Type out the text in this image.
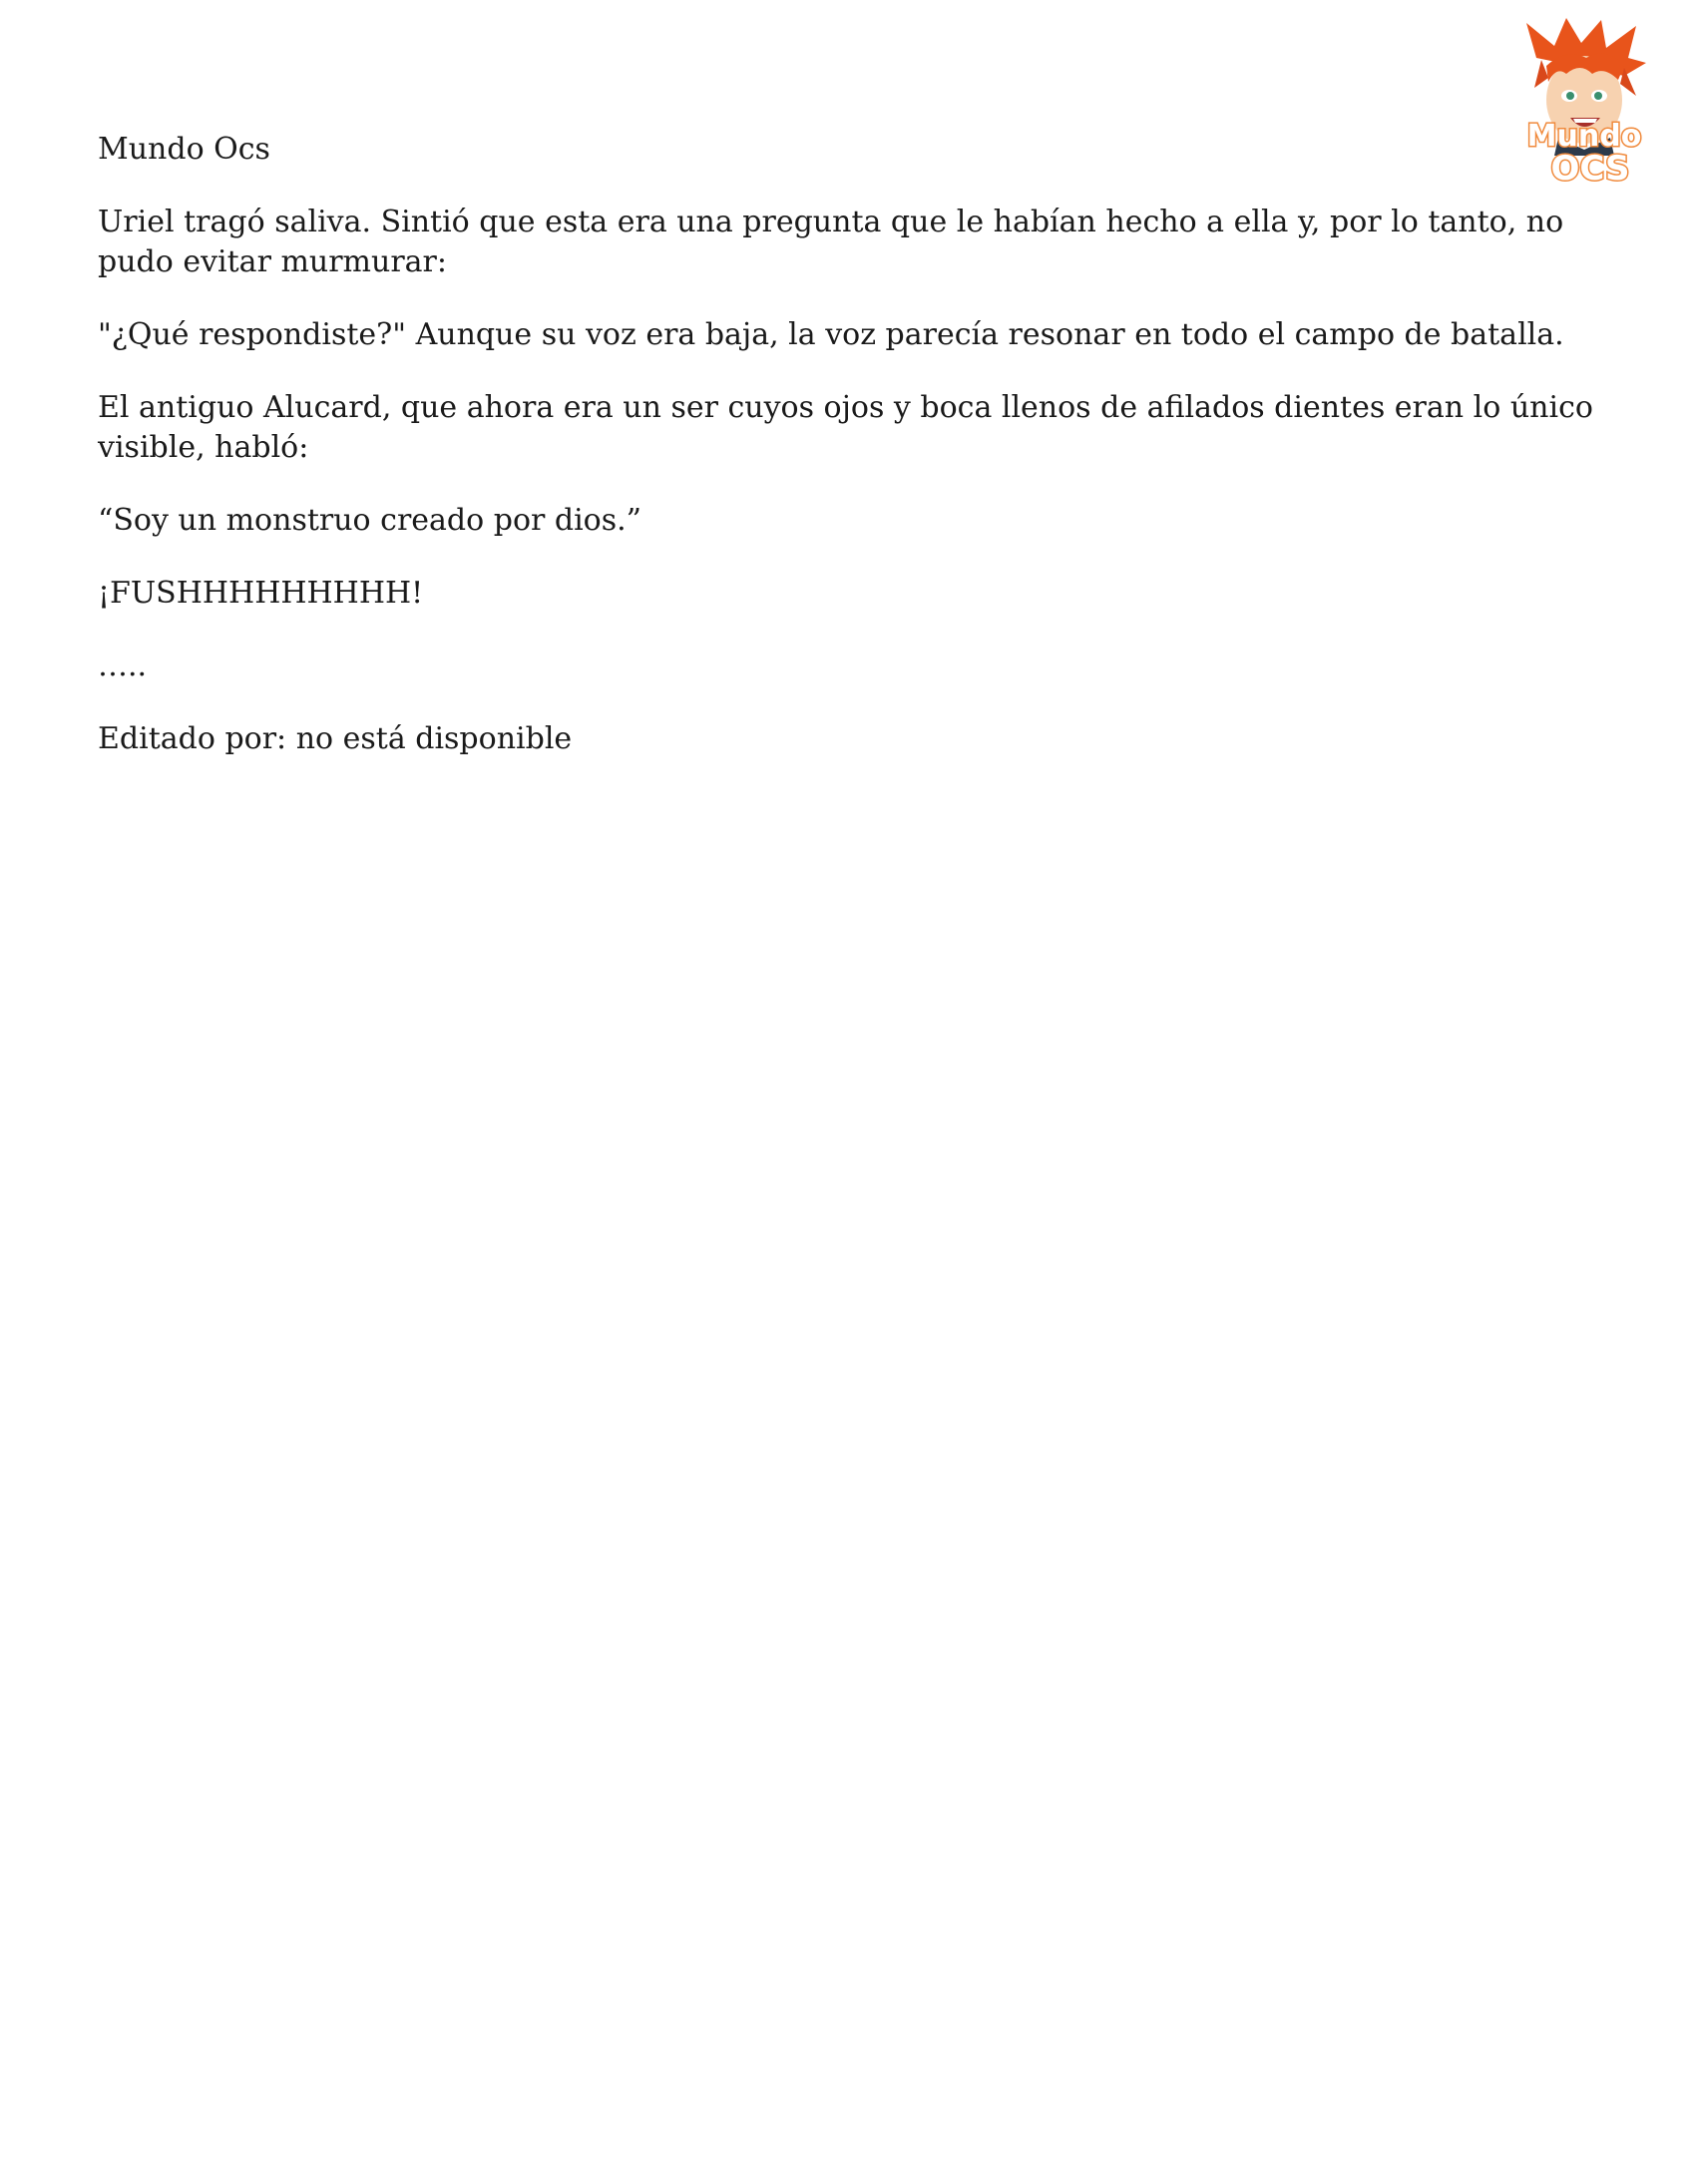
Mundo
OCS

Mundo Ocs

Uriel tragó saliva. Sintió que esta era una pregunta que le habían hecho a ella y, por lo tanto, no pudo evitar murmurar:

"¿Qué respondiste?" Aunque su voz era baja, la voz parecía resonar en todo el campo de batalla.

El antiguo Alucard, que ahora era un ser cuyos ojos y boca llenos de afilados dientes eran lo único visible, habló:

“Soy un monstruo creado por dios.”

¡FUSHHHHHHHHH!

…..

Editado por: no está disponible
